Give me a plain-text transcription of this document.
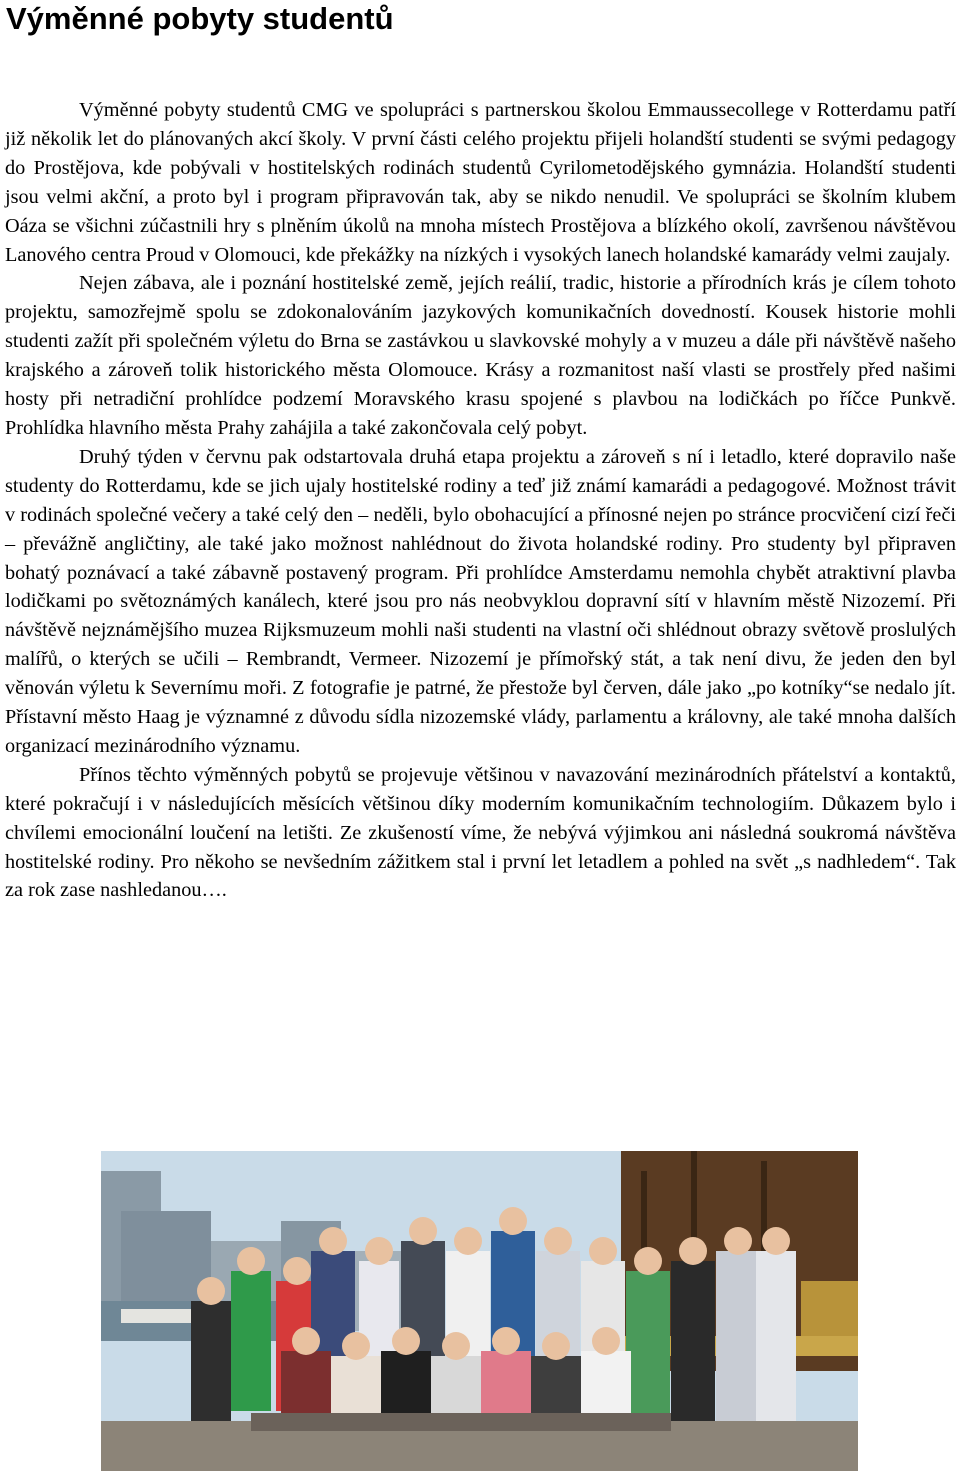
Výměnné pobyty studentů

Výměnné pobyty studentů CMG ve spolupráci s partnerskou školou Emmaussecollege v Rotterdamu patří již několik let do plánovaných akcí školy. V první části celého projektu přijeli holandští studenti se svými pedagogy do Prostějova, kde pobývali v hostitelských rodinách studentů Cyrilometodějského gymnázia. Holandští studenti jsou velmi akční, a proto byl i program připravován tak, aby se nikdo nenudil. Ve spolupráci se školním klubem Oáza se všichni zúčastnili hry s plněním úkolů na mnoha místech Prostějova a blízkého okolí, završenou návštěvou Lanového centra Proud v Olomouci, kde překážky na nízkých i vysokých lanech holandské kamarády velmi zaujaly.

Nejen zábava, ale i poznání hostitelské země, jejích reálií, tradic, historie a přírodních krás je cílem tohoto projektu, samozřejmě spolu se zdokonalováním jazykových komunikačních dovedností. Kousek historie mohli studenti zažít při společném výletu do Brna se zastávkou u slavkovské mohyly a v muzeu a dále při návštěvě našeho krajského a zároveň tolik historického města Olomouce. Krásy a rozmanitost naší vlasti se prostřely před našimi hosty při netradiční prohlídce podzemí Moravského krasu spojené s plavbou na lodičkách po říčce Punkvě. Prohlídka hlavního města Prahy zahájila a také zakončovala celý pobyt.

Druhý týden v červnu pak odstartovala druhá etapa projektu a zároveň s ní i letadlo, které dopravilo naše studenty do Rotterdamu, kde se jich ujaly hostitelské rodiny a teď již známí kamarádi a pedagogové. Možnost trávit v rodinách společné večery a také celý den – neděli, bylo obohacující a přínosné nejen po stránce procvičení cizí řeči – převážně angličtiny, ale také jako možnost nahlédnout do života holandské rodiny. Pro studenty byl připraven bohatý poznávací a také zábavně postavený program. Při prohlídce Amsterdamu nemohla chybět atraktivní plavba lodičkami po světoznámých kanálech, které jsou pro nás neobvyklou dopravní sítí v hlavním městě Nizozemí. Při návštěvě nejznámějšího muzea Rijksmuzeum mohli naši studenti na vlastní oči shlédnout obrazy světově proslulých malířů, o kterých se učili – Rembrandt, Vermeer. Nizozemí je přímořský stát, a tak není divu, že jeden den byl věnován výletu k Severnímu moři. Z fotografie je patrné, že přestože byl červen, dále jako „po kotníky“se nedalo jít. Přístavní město Haag je významné z důvodu sídla nizozemské vlády, parlamentu a královny, ale také mnoha dalších organizací mezinárodního významu.

Přínos těchto výměnných pobytů se projevuje většinou v navazování mezinárodních přátelství a kontaktů, které pokračují i v následujících měsících většinou díky moderním komunikačním technologiím. Důkazem bylo i chvílemi emocionální loučení na letišti. Ze zkušeností víme, že nebývá výjimkou ani následná soukromá návštěva hostitelské rodiny. Pro někoho se nevšedním zážitkem stal i první let letadlem a pohled na svět „s nadhledem“. Tak za rok zase nashledanou….
